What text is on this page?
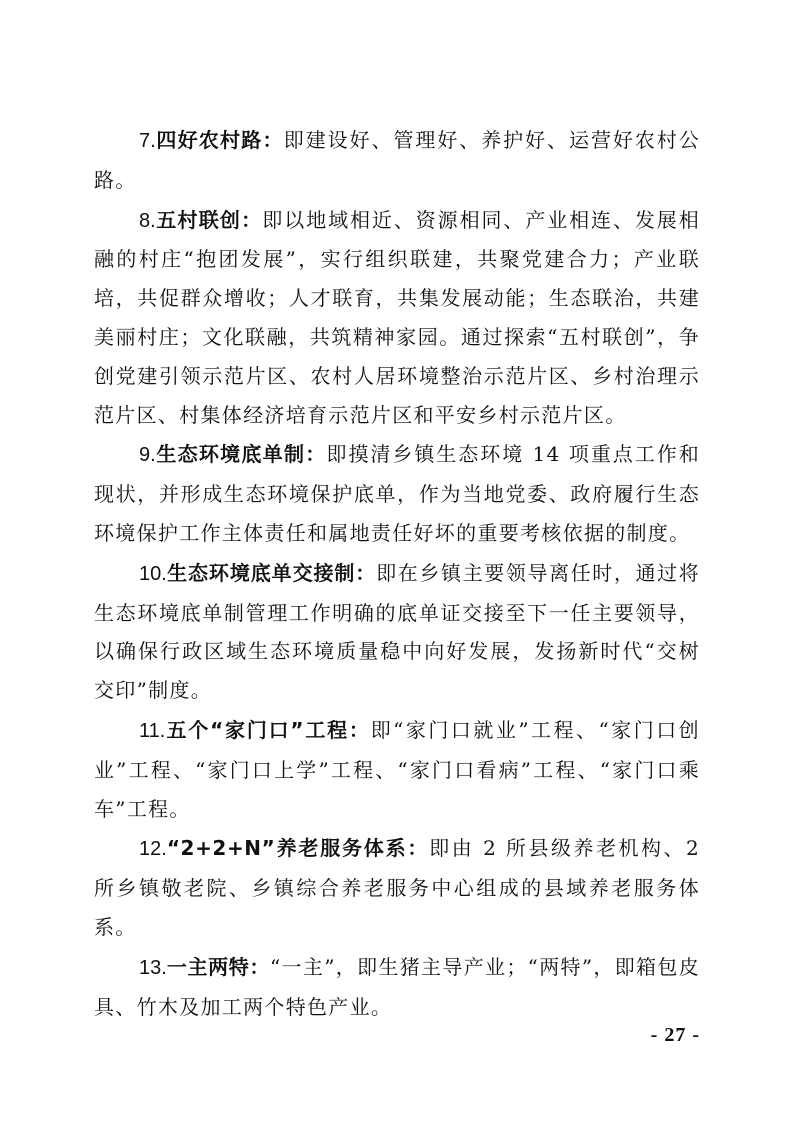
7.四好农村路：即建设好、管理好、养护好、运营好农村公路。

8.五村联创：即以地域相近、资源相同、产业相连、发展相融的村庄“抱团发展”，实行组织联建，共聚党建合力；产业联培，共促群众增收；人才联育，共集发展动能；生态联治，共建美丽村庄；文化联融，共筑精神家园。通过探索“五村联创”，争创党建引领示范片区、农村人居环境整治示范片区、乡村治理示范片区、村集体经济培育示范片区和平安乡村示范片区。

9.生态环境底单制：即摸清乡镇生态环境 14 项重点工作和现状，并形成生态环境保护底单，作为当地党委、政府履行生态环境保护工作主体责任和属地责任好坏的重要考核依据的制度。

10.生态环境底单交接制：即在乡镇主要领导离任时，通过将生态环境底单制管理工作明确的底单证交接至下一任主要领导，以确保行政区域生态环境质量稳中向好发展，发扬新时代“交树交印”制度。

11.五个“家门口”工程：即“家门口就业”工程、“家门口创业”工程、“家门口上学”工程、“家门口看病”工程、“家门口乘车”工程。

12.“2+2+N”养老服务体系：即由 2 所县级养老机构、2 所乡镇敬老院、乡镇综合养老服务中心组成的县域养老服务体系。

13.一主两特：“一主”，即生猪主导产业；“两特”，即箱包皮具、竹木及加工两个特色产业。

- 27 -
